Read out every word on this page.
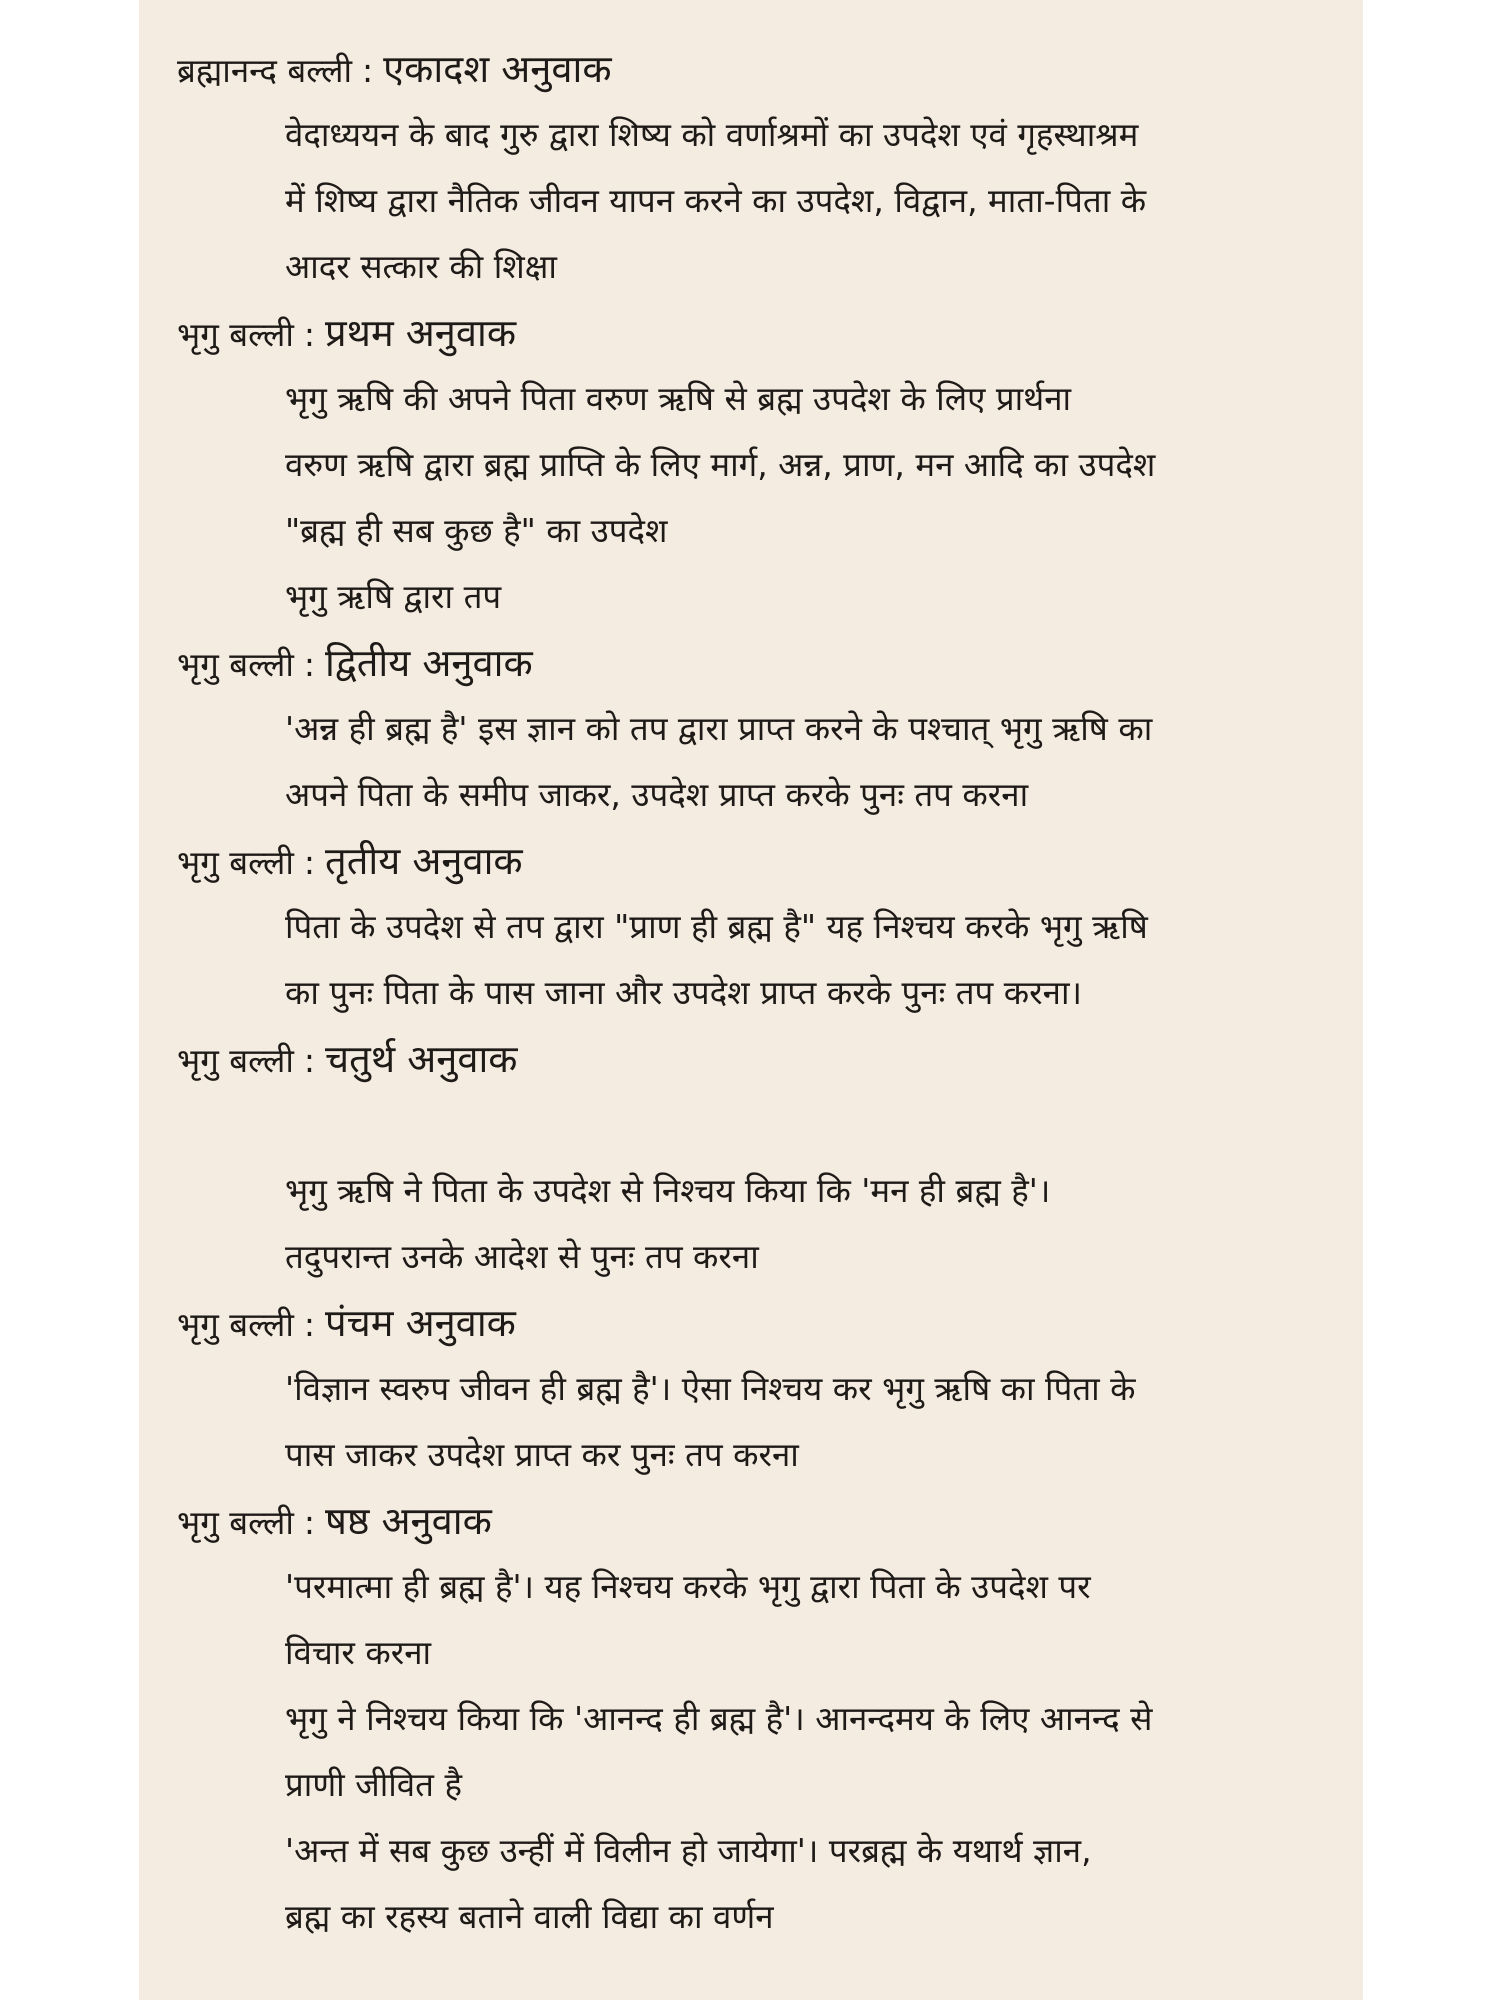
ब्रह्मानन्द बल्ली : एकादश अनुवाक
वेदाध्ययन के बाद गुरु द्वारा शिष्य को वर्णाश्रमों का उपदेश एवं गृहस्थाश्रम
में शिष्य द्वारा नैतिक जीवन यापन करने का उपदेश, विद्वान, माता-पिता के
आदर सत्कार की शिक्षा
भृगु बल्ली : प्रथम अनुवाक
भृगु ऋषि की अपने पिता वरुण ऋषि से ब्रह्म उपदेश के लिए प्रार्थना
वरुण ऋषि द्वारा ब्रह्म प्राप्ति के लिए मार्ग, अन्न, प्राण, मन आदि का उपदेश
"ब्रह्म ही सब कुछ है" का उपदेश
भृगु ऋषि द्वारा तप
भृगु बल्ली : द्वितीय अनुवाक
'अन्न ही ब्रह्म है' इस ज्ञान को तप द्वारा प्राप्त करने के पश्चात् भृगु ऋषि का
अपने पिता के समीप जाकर, उपदेश प्राप्त करके पुनः तप करना
भृगु बल्ली : तृतीय अनुवाक
पिता के उपदेश से तप द्वारा "प्राण ही ब्रह्म है" यह निश्चय करके भृगु ऋषि
का पुनः पिता के पास जाना और उपदेश प्राप्त करके पुनः तप करना।
भृगु बल्ली : चतुर्थ अनुवाक
भृगु ऋषि ने पिता के उपदेश से निश्चय किया कि 'मन ही ब्रह्म है'।
तदुपरान्त उनके आदेश से पुनः तप करना
भृगु बल्ली : पंचम अनुवाक
'विज्ञान स्वरुप जीवन ही ब्रह्म है'। ऐसा निश्चय कर भृगु ऋषि का पिता के
पास जाकर उपदेश प्राप्त कर पुनः तप करना
भृगु बल्ली : षष्ठ अनुवाक
'परमात्मा ही ब्रह्म है'। यह निश्चय करके भृगु द्वारा पिता के उपदेश पर
विचार करना
भृगु ने निश्चय किया कि 'आनन्द ही ब्रह्म है'। आनन्दमय के लिए आनन्द से
प्राणी जीवित है
'अन्त में सब कुछ उन्हीं में विलीन हो जायेगा'। परब्रह्म के यथार्थ ज्ञान,
ब्रह्म का रहस्य बताने वाली विद्या का वर्णन
